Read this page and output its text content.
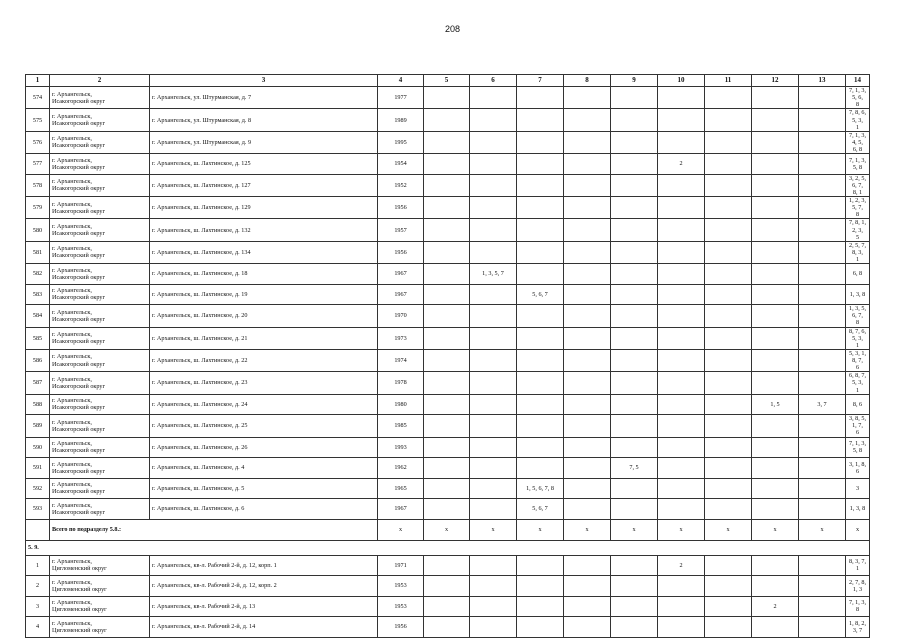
208
1	2	3	4	5	6	7	8	9	10	11	12	13	14
574	г. Архангельск,
Исакогорский округ	г. Архангельск, ул. Штурманская, д. 7	1977										7, 1, 3, 5, 6,
8
575	г. Архангельск,
Исакогорский округ	г. Архангельск, ул. Штурманская, д. 8	1989										7, 8, 6, 5, 3,
1
576	г. Архангельск,
Исакогорский округ	г. Архангельск, ул. Штурманская, д. 9	1995										7, 1, 3, 4, 5,
6, 8
577	г. Архангельск,
Исакогорский округ	г. Архангельск, ш. Лахтинское, д. 125	1954						2				7, 1, 3, 5, 8
578	г. Архангельск,
Исакогорский округ	г. Архангельск, ш. Лахтинское, д. 127	1952										3, 2, 5, 6, 7,
8, 1
579	г. Архангельск,
Исакогорский округ	г. Архангельск, ш. Лахтинское, д. 129	1956										1, 2, 3, 5, 7,
8
580	г. Архангельск,
Исакогорский округ	г. Архангельск, ш. Лахтинское, д. 132	1957										7, 8, 1, 2, 3,
5
581	г. Архангельск,
Исакогорский округ	г. Архангельск, ш. Лахтинское, д. 134	1956										2, 5, 7, 8, 3,
1
582	г. Архангельск,
Исакогорский округ	г. Архангельск, ш. Лахтинское, д. 18	1967		1, 3, 5, 7								6, 8
583	г. Архангельск,
Исакогорский округ	г. Архангельск, ш. Лахтинское, д. 19	1967			5, 6, 7							1, 3, 8
584	г. Архангельск,
Исакогорский округ	г. Архангельск, ш. Лахтинское, д. 20	1970										1, 3, 5, 6, 7,
8
585	г. Архангельск,
Исакогорский округ	г. Архангельск, ш. Лахтинское, д. 21	1973										8, 7, 6, 5, 3,
1
586	г. Архангельск,
Исакогорский округ	г. Архангельск, ш. Лахтинское, д. 22	1974										5, 3, 1, 8, 7,
6
587	г. Архангельск,
Исакогорский округ	г. Архангельск, ш. Лахтинское, д. 23	1978										6, 8, 7, 5, 3,
1
588	г. Архангельск,
Исакогорский округ	г. Архангельск, ш. Лахтинское, д. 24	1980								1, 5	3, 7	8, 6
589	г. Архангельск,
Исакогорский округ	г. Архангельск, ш. Лахтинское, д. 25	1985										3, 8, 5, 1, 7,
6
590	г. Архангельск,
Исакогорский округ	г. Архангельск, ш. Лахтинское, д. 26	1993										7, 1, 3, 5, 8
591	г. Архангельск,
Исакогорский округ	г. Архангельск, ш. Лахтинское, д. 4	1962					7, 5					3, 1, 8, 6
592	г. Архангельск,
Исакогорский округ	г. Архангельск, ш. Лахтинское, д. 5	1965			1, 5, 6, 7, 8							3
593	г. Архангельск,
Исакогорский округ	г. Архангельск, ш. Лахтинское, д. 6	1967			5, 6, 7							1, 3, 8
	Всего по подразделу 5.8.:		x	x	x	x	x	x	x	x	x	x	x
5. 9.													
1	г. Архангельск,
Цигломенский округ	г. Архангельск, кв-л. Рабочий 2-й, д. 12, корп. 1	1971						2				8, 3, 7, 1
2	г. Архангельск,
Цигломенский округ	г. Архангельск, кв-л. Рабочий 2-й, д. 12, корп. 2	1953										2, 7, 8, 1, 3
3	г. Архангельск,
Цигломенский округ	г. Архангельск, кв-л. Рабочий 2-й, д. 13	1953								2		7, 1, 3, 8
4	г. Архангельск,
Цигломенский округ	г. Архангельск, кв-л. Рабочий 2-й, д. 14	1956										1, 8, 2, 3, 7
